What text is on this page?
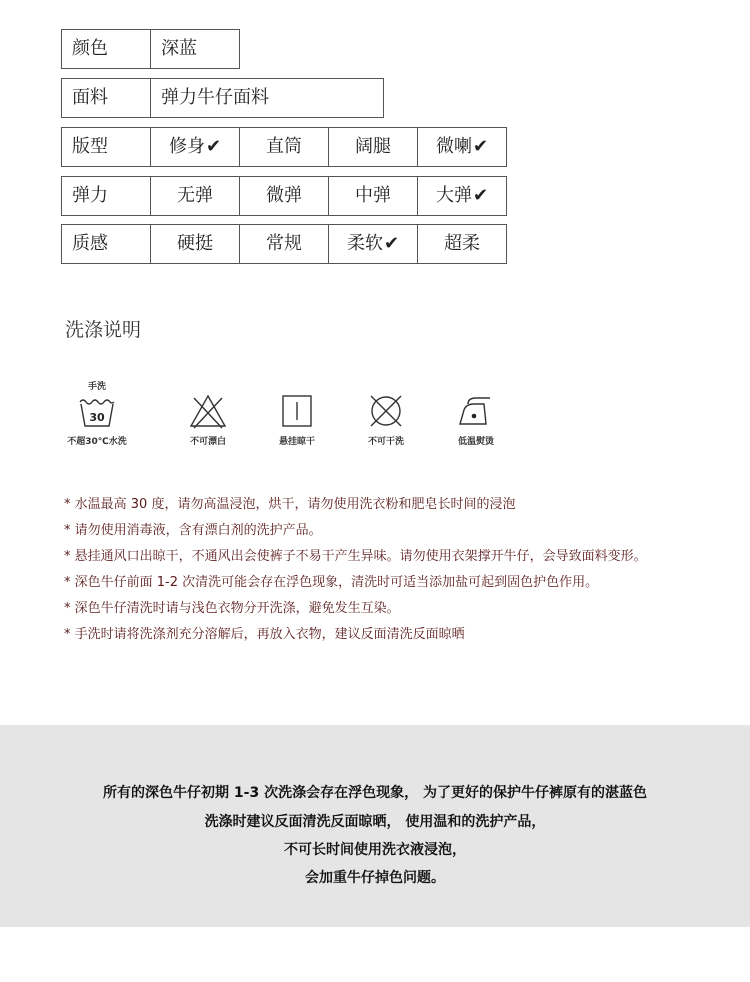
颜色	深蓝
面料	弹力牛仔面料
版型	修身✔	直筒	阔腿	微喇✔
弹力	无弹	微弹	中弹	大弹✔
质感	硬挺	常规	柔软✔	超柔
洗涤说明
手洗
30
不超30℃水洗	不可漂白	悬挂晾干	不可干洗	低温熨烫
* 水温最高 30 度，请勿高温浸泡，烘干，请勿使用洗衣粉和肥皂长时间的浸泡
* 请勿使用消毒液，含有漂白剂的洗护产品。
* 悬挂通风口出晾干，不通风出会使裤子不易干产生异味。请勿使用衣架撑开牛仔，会导致面料变形。
* 深色牛仔前面 1-2 次清洗可能会存在浮色现象，清洗时可适当添加盐可起到固色护色作用。
* 深色牛仔清洗时请与浅色衣物分开洗涤，避免发生互染。
* 手洗时请将洗涤剂充分溶解后，再放入衣物，建议反面清洗反面晾晒
所有的深色牛仔初期 1-3 次洗涤会存在浮色现象， 为了更好的保护牛仔裤原有的湛蓝色
洗涤时建议反面清洗反面晾晒， 使用温和的洗护产品，
不可长时间使用洗衣液浸泡，
会加重牛仔掉色问题。
